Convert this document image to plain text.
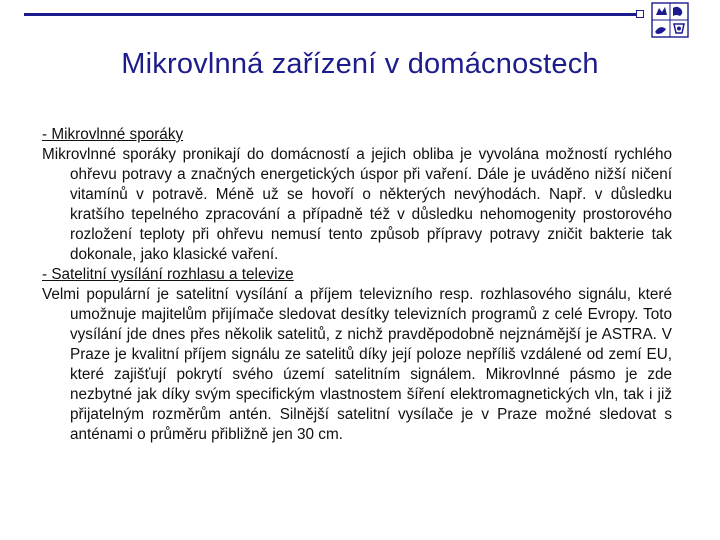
Mikrovlnná zařízení v domácnostech

- Mikrovlnné sporáky

Mikrovlnné sporáky pronikají do domácností a jejich obliba je vyvolána možností rychlého ohřevu potravy a značných energetických úspor při vaření. Dále je uváděno nižší ničení vitamínů v potravě. Méně už se hovoří o některých nevýhodách. Např. v důsledku kratšího tepelného zpracování a případně též v důsledku nehomogenity prostorového rozložení teploty při ohřevu nemusí tento způsob přípravy potravy zničit bakterie tak dokonale, jako klasické vaření.

- Satelitní vysílání rozhlasu a televize

Velmi populární je satelitní vysílání a příjem televizního resp. rozhlasového signálu, které umožnuje majitelům přijímače sledovat desítky televizních programů z celé Evropy. Toto vysílání jde dnes přes několik satelitů, z nichž pravděpodobně nejznámější je ASTRA. V Praze je kvalitní příjem signálu ze satelitů díky její poloze nepříliš vzdálené od zemí EU, které zajišťují pokrytí svého území satelitním signálem. Mikrovlnné pásmo je zde nezbytné jak díky svým specifickým vlastnostem šíření elektromagnetických vln, tak i již přijatelným rozměrům antén. Silnější satelitní vysílače je v Praze možné sledovat s anténami o průměru přibližně jen 30 cm.
